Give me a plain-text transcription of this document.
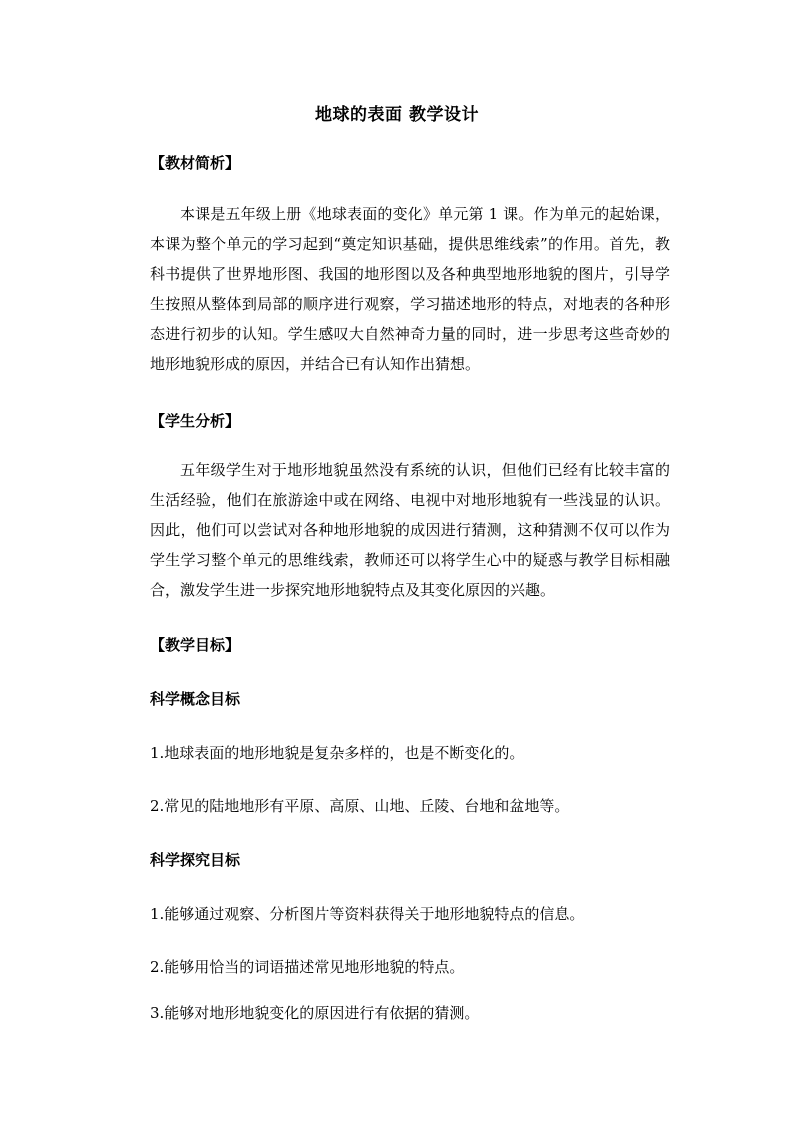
地球的表面 教学设计
【教材简析】

本课是五年级上册《地球表面的变化》单元第 1 课。作为单元的起始课，本课为整个单元的学习起到“奠定知识基础，提供思维线索”的作用。首先，教科书提供了世界地形图、我国的地形图以及各种典型地形地貌的图片，引导学生按照从整体到局部的顺序进行观察，学习描述地形的特点，对地表的各种形态进行初步的认知。学生感叹大自然神奇力量的同时，进一步思考这些奇妙的地形地貌形成的原因，并结合已有认知作出猜想。

【学生分析】

五年级学生对于地形地貌虽然没有系统的认识，但他们已经有比较丰富的生活经验，他们在旅游途中或在网络、电视中对地形地貌有一些浅显的认识。因此，他们可以尝试对各种地形地貌的成因进行猜测，这种猜测不仅可以作为学生学习整个单元的思维线索，教师还可以将学生心中的疑惑与教学目标相融合，激发学生进一步探究地形地貌特点及其变化原因的兴趣。

【教学目标】
科学概念目标
1.地球表面的地形地貌是复杂多样的，也是不断变化的。
2.常见的陆地地形有平原、高原、山地、丘陵、台地和盆地等。
科学探究目标
1.能够通过观察、分析图片等资料获得关于地形地貌特点的信息。
2.能够用恰当的词语描述常见地形地貌的特点。
3.能够对地形地貌变化的原因进行有依据的猜测。
